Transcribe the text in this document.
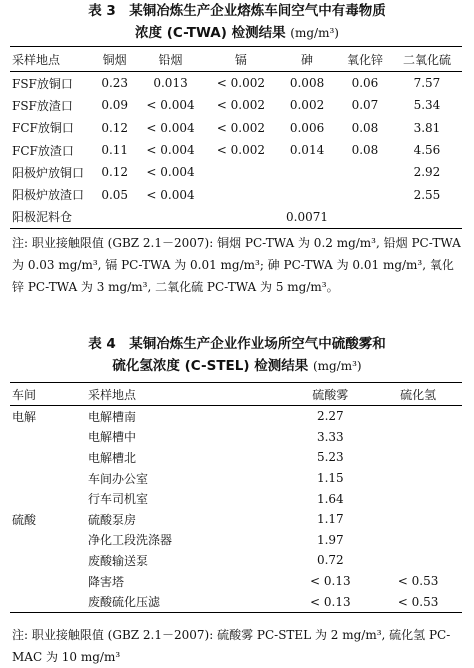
表 3　某铜冶炼生产企业熔炼车间空气中有毒物质
浓度 (C-TWA) 检测结果 (mg/m³)
采样地点	铜烟	铅烟	镉	砷	氧化锌	二氧化硫
FSF放铜口	0.23	0.013	< 0.002	0.008	0.06	7.57
FSF放渣口	0.09	< 0.004	< 0.002	0.002	0.07	5.34
FCF放铜口	0.12	< 0.004	< 0.002	0.006	0.08	3.81
FCF放渣口	0.11	< 0.004	< 0.002	0.014	0.08	4.56
阳极炉放铜口	0.12	< 0.004				2.92
阳极炉放渣口	0.05	< 0.004				2.55
阳极泥料仓				0.0071		
注: 职业接触限值 (GBZ 2.1－2007): 铜烟 PC-TWA 为 0.2 mg/m³, 铅烟 PC-TWA 为 0.03 mg/m³, 镉 PC-TWA 为 0.01 mg/m³; 砷 PC-TWA 为 0.01 mg/m³, 氧化锌 PC-TWA 为 3 mg/m³, 二氧化硫 PC-TWA 为 5 mg/m³。
表 4　某铜冶炼生产企业作业场所空气中硫酸雾和
硫化氢浓度 (C-STEL) 检测结果 (mg/m³)
车间	采样地点	硫酸雾	硫化氢
电解	电解槽南	2.27	
	电解槽中	3.33	
	电解槽北	5.23	
	车间办公室	1.15	
	行车司机室	1.64	
硫酸	硫酸泵房	1.17	
	净化工段洗涤器	1.97	
	废酸输送泵	0.72	
	降害塔	< 0.13	< 0.53
	废酸硫化压滤	< 0.13	< 0.53
注: 职业接触限值 (GBZ 2.1－2007): 硫酸雾 PC-STEL 为 2 mg/m³, 硫化氢 PC-MAC 为 10 mg/m³
